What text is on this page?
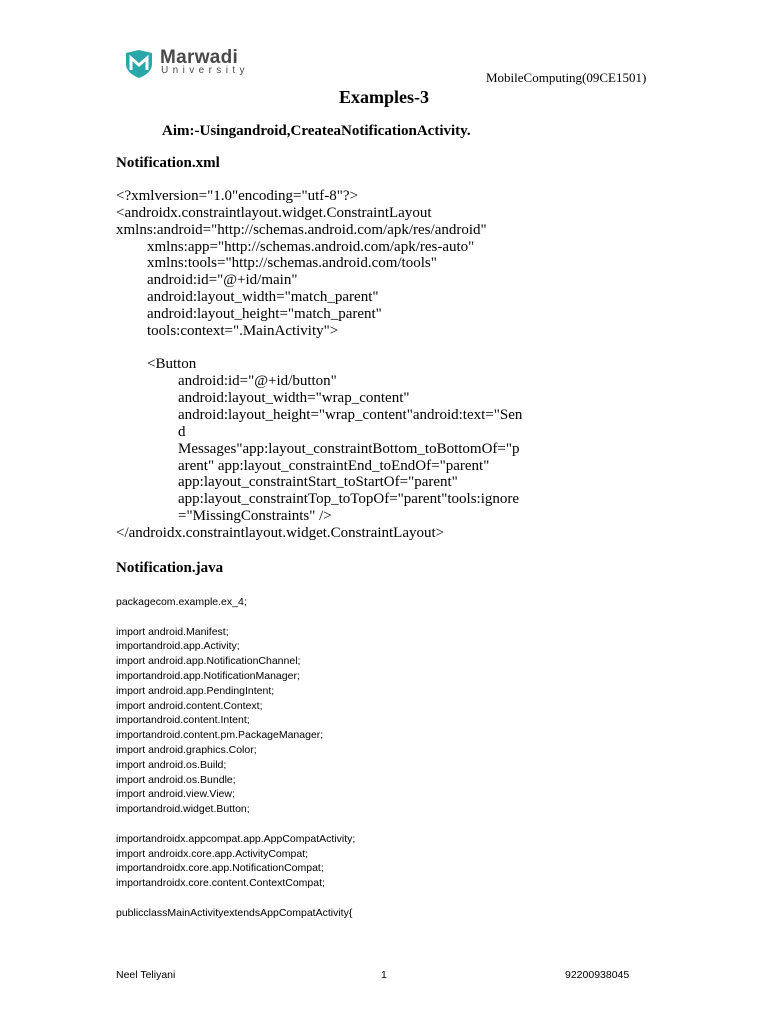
Marwadi
University	MobileComputing(09CE1501)
Examples-3
Aim:-Usingandroid,CreateaNotificationActivity.
Notification.xml
<?xmlversion="1.0"encoding="utf-8"?>
<androidx.constraintlayout.widget.ConstraintLayout
xmlns:android="http://schemas.android.com/apk/res/android"
xmlns:app="http://schemas.android.com/apk/res-auto"
xmlns:tools="http://schemas.android.com/tools"
android:id="@+id/main"
android:layout_width="match_parent"
android:layout_height="match_parent"
tools:context=".MainActivity">
<Button
android:id="@+id/button"
android:layout_width="wrap_content"
android:layout_height="wrap_content"android:text="Sen
d
Messages"app:layout_constraintBottom_toBottomOf="p
arent" app:layout_constraintEnd_toEndOf="parent"
app:layout_constraintStart_toStartOf="parent"
app:layout_constraintTop_toTopOf="parent"tools:ignore
="MissingConstraints" />
</androidx.constraintlayout.widget.ConstraintLayout>
Notification.java
packagecom.example.ex_4;
import android.Manifest;
importandroid.app.Activity;
import android.app.NotificationChannel;
importandroid.app.NotificationManager;
import android.app.PendingIntent;
import android.content.Context;
importandroid.content.Intent;
importandroid.content.pm.PackageManager;
import android.graphics.Color;
import android.os.Build;
import android.os.Bundle;
import android.view.View;
importandroid.widget.Button;
importandroidx.appcompat.app.AppCompatActivity;
import androidx.core.app.ActivityCompat;
importandroidx.core.app.NotificationCompat;
importandroidx.core.content.ContextCompat;
publicclassMainActivityextendsAppCompatActivity{
Neel Teliyani	1	92200938045
